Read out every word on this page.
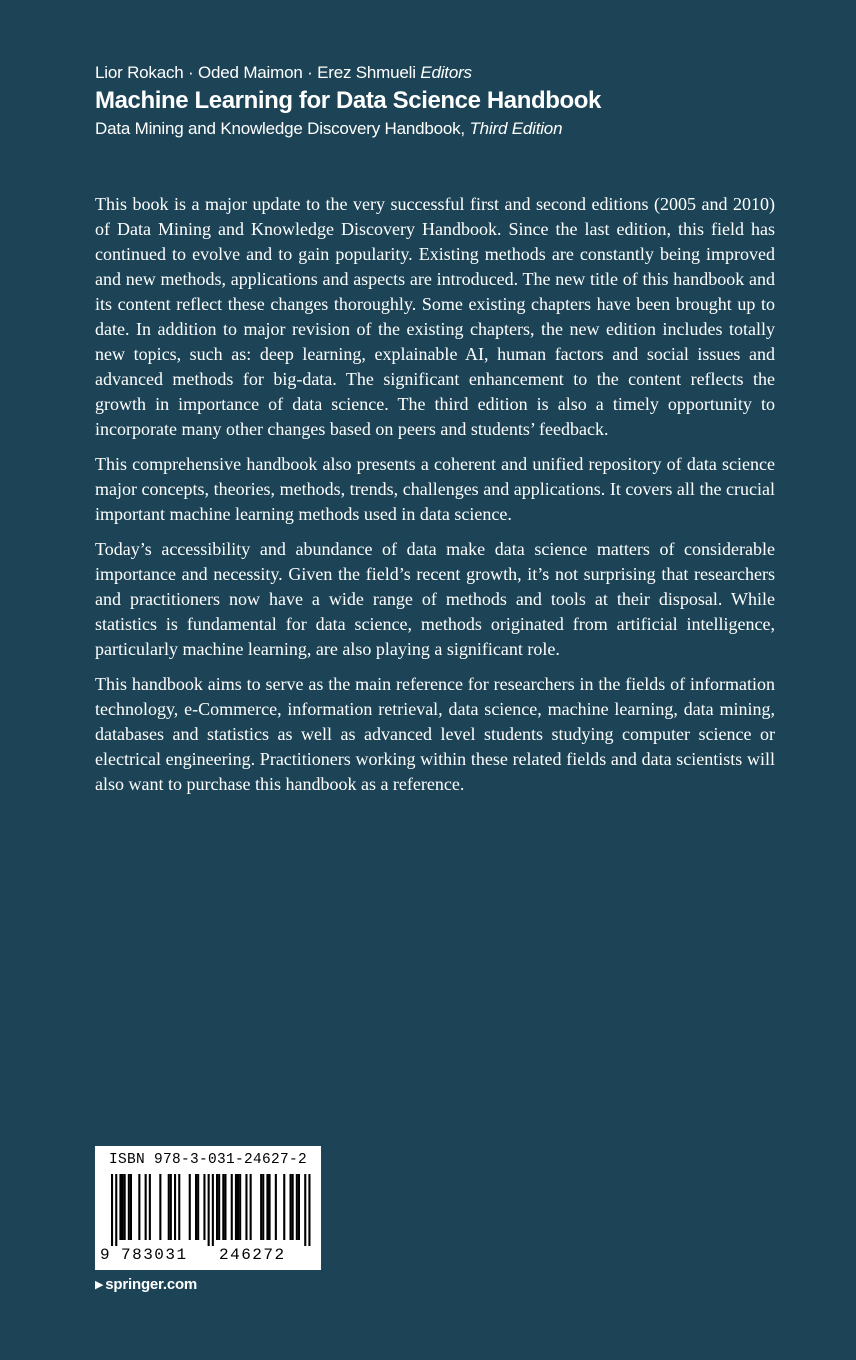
Lior Rokach · Oded Maimon · Erez Shmueli Editors
Machine Learning for Data Science Handbook
Data Mining and Knowledge Discovery Handbook, Third Edition

This book is a major update to the very successful first and second editions (2005 and 2010) of Data Mining and Knowledge Discovery Handbook. Since the last edition, this field has continued to evolve and to gain popularity. Existing methods are constantly being improved and new methods, applications and aspects are introduced. The new title of this handbook and its content reflect these changes thoroughly. Some existing chapters have been brought up to date. In addition to major revision of the existing chapters, the new edition includes totally new topics, such as: deep learning, explainable AI, human factors and social issues and advanced methods for big-data. The significant enhancement to the content reflects the growth in importance of data science. The third edition is also a timely opportunity to incorporate many other changes based on peers and students’ feedback.

This comprehensive handbook also presents a coherent and unified repository of data science major concepts, theories, methods, trends, challenges and applications. It covers all the crucial important machine learning methods used in data science.

Today’s accessibility and abundance of data make data science matters of considerable importance and necessity. Given the field’s recent growth, it’s not surprising that researchers and practitioners now have a wide range of methods and tools at their disposal. While statistics is fundamental for data science, methods originated from artificial intelligence, particularly machine learning, are also playing a significant role.

This handbook aims to serve as the main reference for researchers in the fields of information technology, e-Commerce, information retrieval, data science, machine learning, data mining, databases and statistics as well as advanced level students studying computer science or electrical engineering. Practitioners working within these related fields and data scientists will also want to purchase this handbook as a reference.

ISBN 978-3-031-24627-2
9 783031 246272
▶ springer.com
